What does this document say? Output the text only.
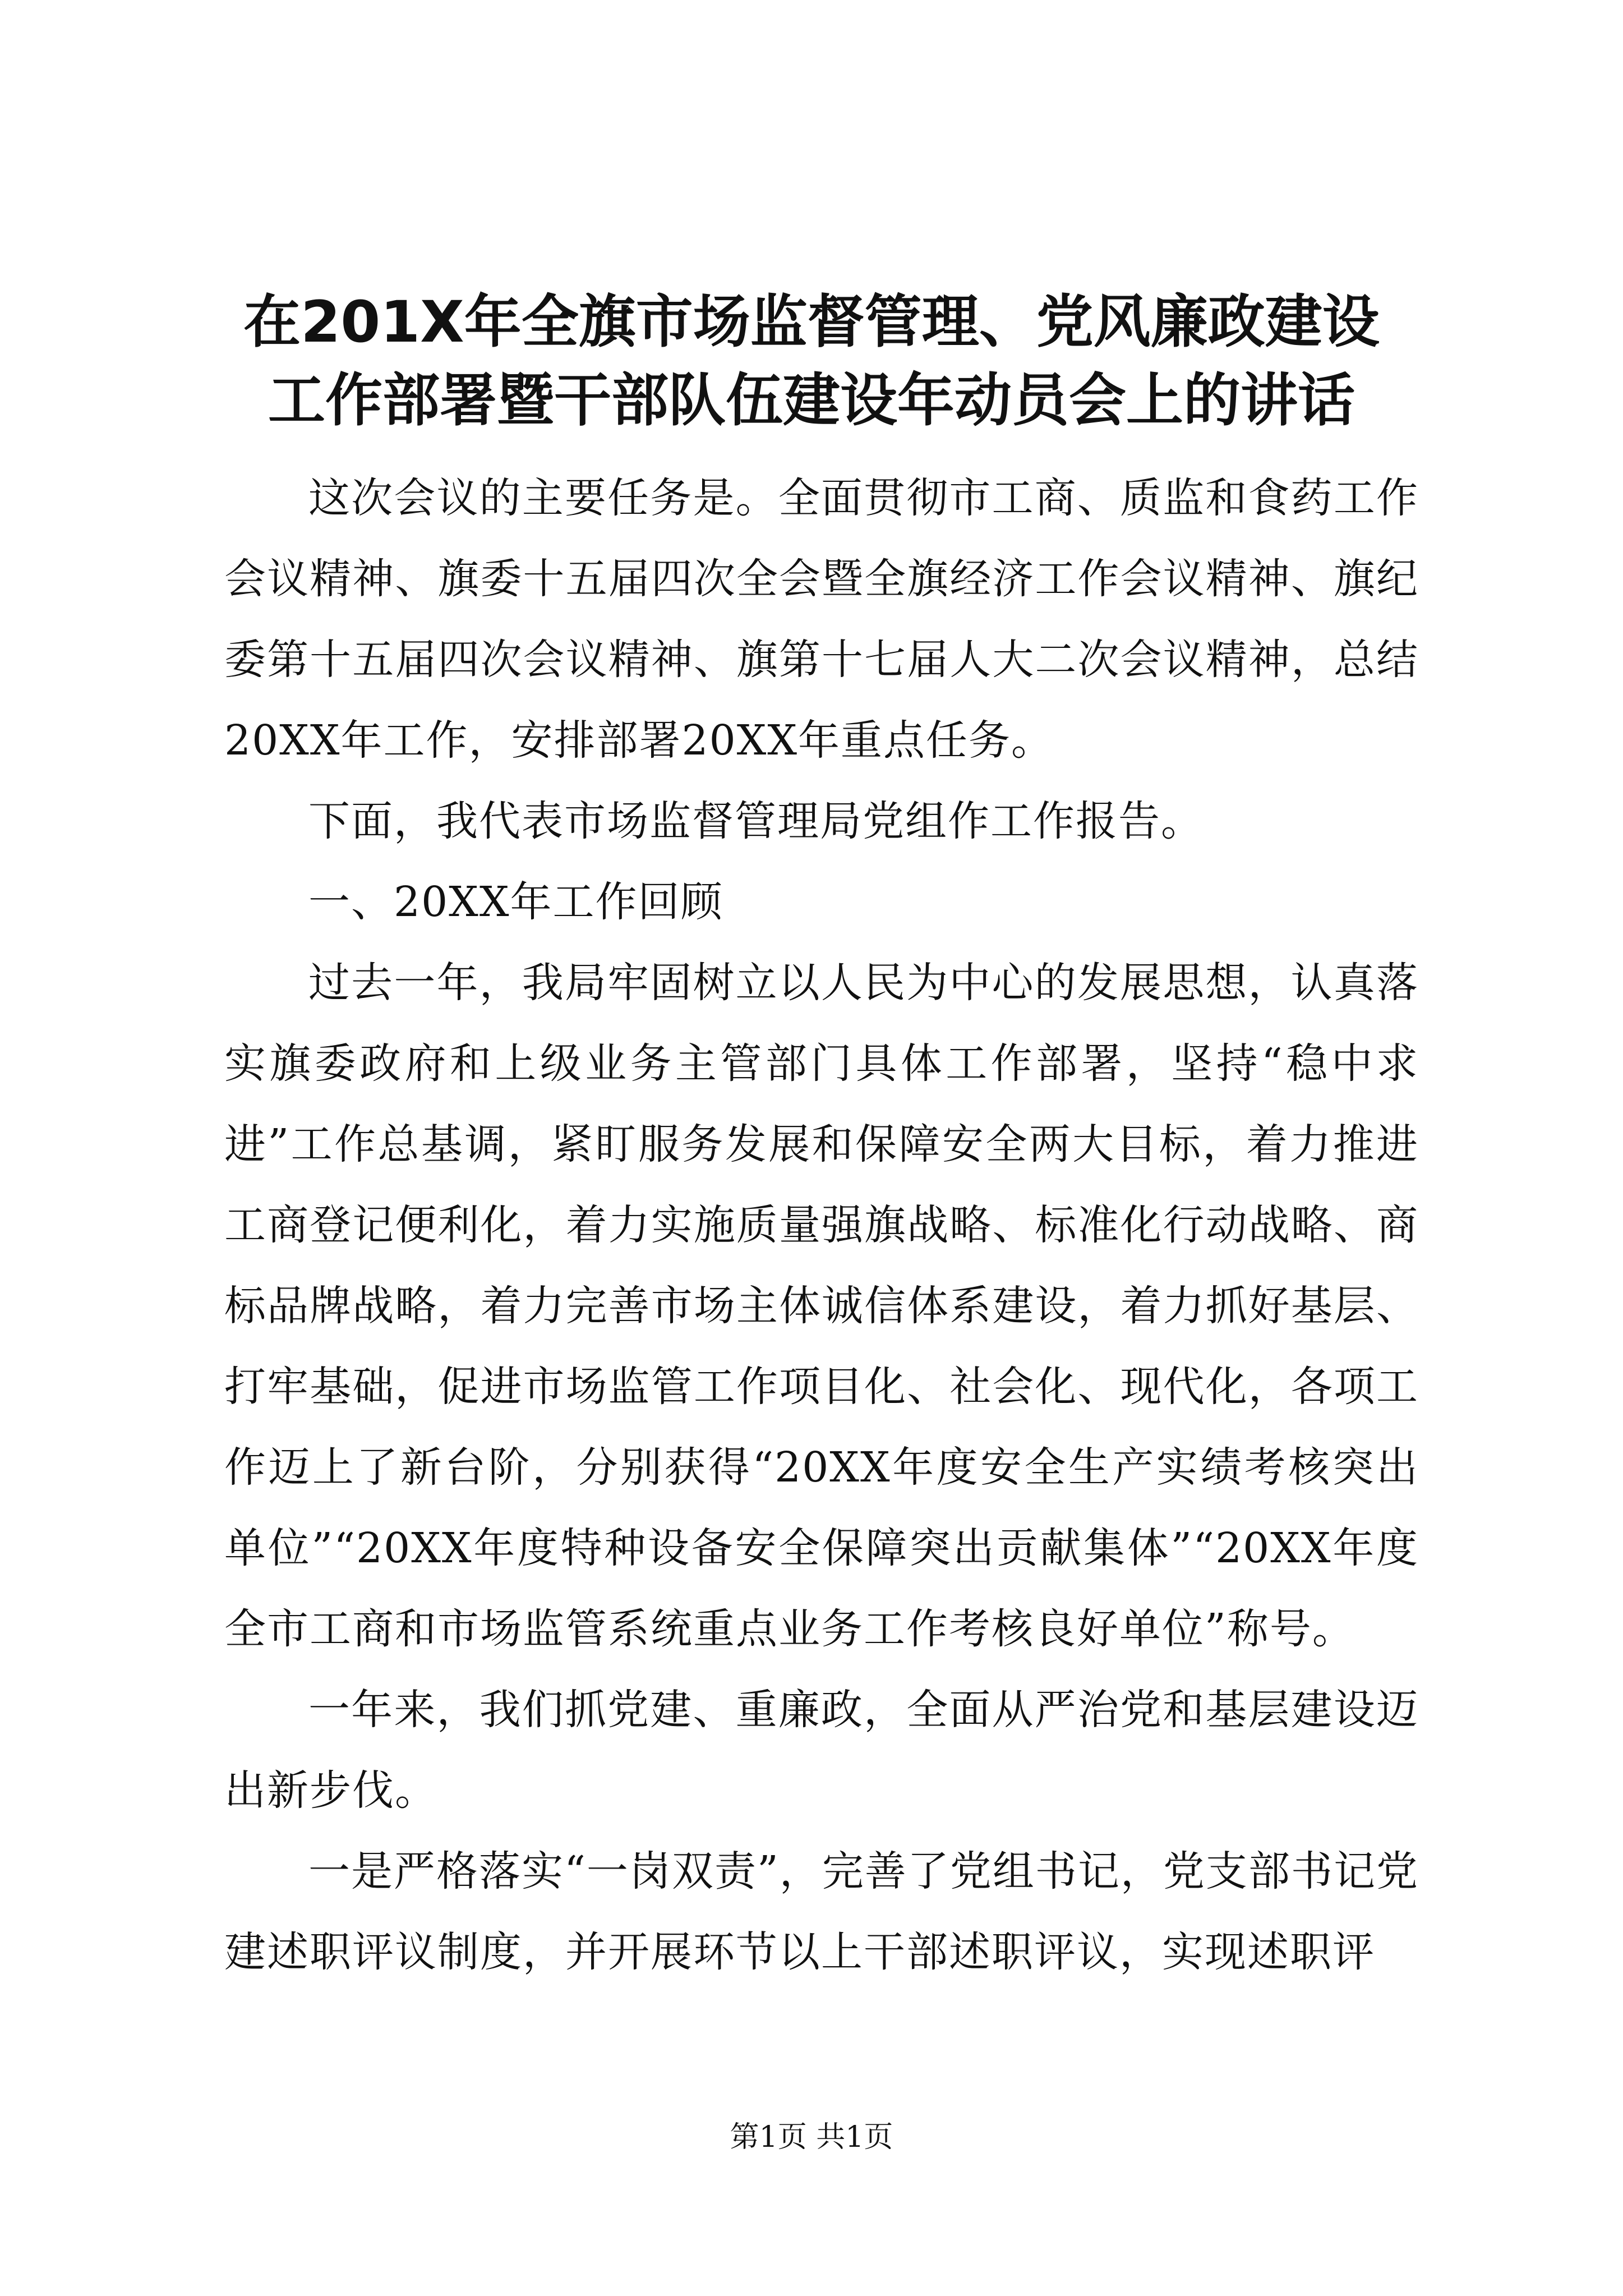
在201X年全旗市场监督管理、党风廉政建设
工作部署暨干部队伍建设年动员会上的讲话

这次会议的主要任务是。全面贯彻市工商、质监和食药工作会议精神、旗委十五届四次全会暨全旗经济工作会议精神、旗纪委第十五届四次会议精神、旗第十七届人大二次会议精神，总结20XX年工作，安排部署20XX年重点任务。

下面，我代表市场监督管理局党组作工作报告。

一、20XX年工作回顾

过去一年，我局牢固树立以人民为中心的发展思想，认真落实旗委政府和上级业务主管部门具体工作部署，坚持“稳中求进”工作总基调，紧盯服务发展和保障安全两大目标，着力推进工商登记便利化，着力实施质量强旗战略、标准化行动战略、商标品牌战略，着力完善市场主体诚信体系建设，着力抓好基层、打牢基础，促进市场监管工作项目化、社会化、现代化，各项工作迈上了新台阶，分别获得“20XX年度安全生产实绩考核突出单位”“20XX年度特种设备安全保障突出贡献集体”“20XX年度全市工商和市场监管系统重点业务工作考核良好单位”称号。

一年来，我们抓党建、重廉政，全面从严治党和基层建设迈出新步伐。

一是严格落实“一岗双责”，完善了党组书记，党支部书记党建述职评议制度，并开展环节以上干部述职评议，实现述职评

第1页 共1页
